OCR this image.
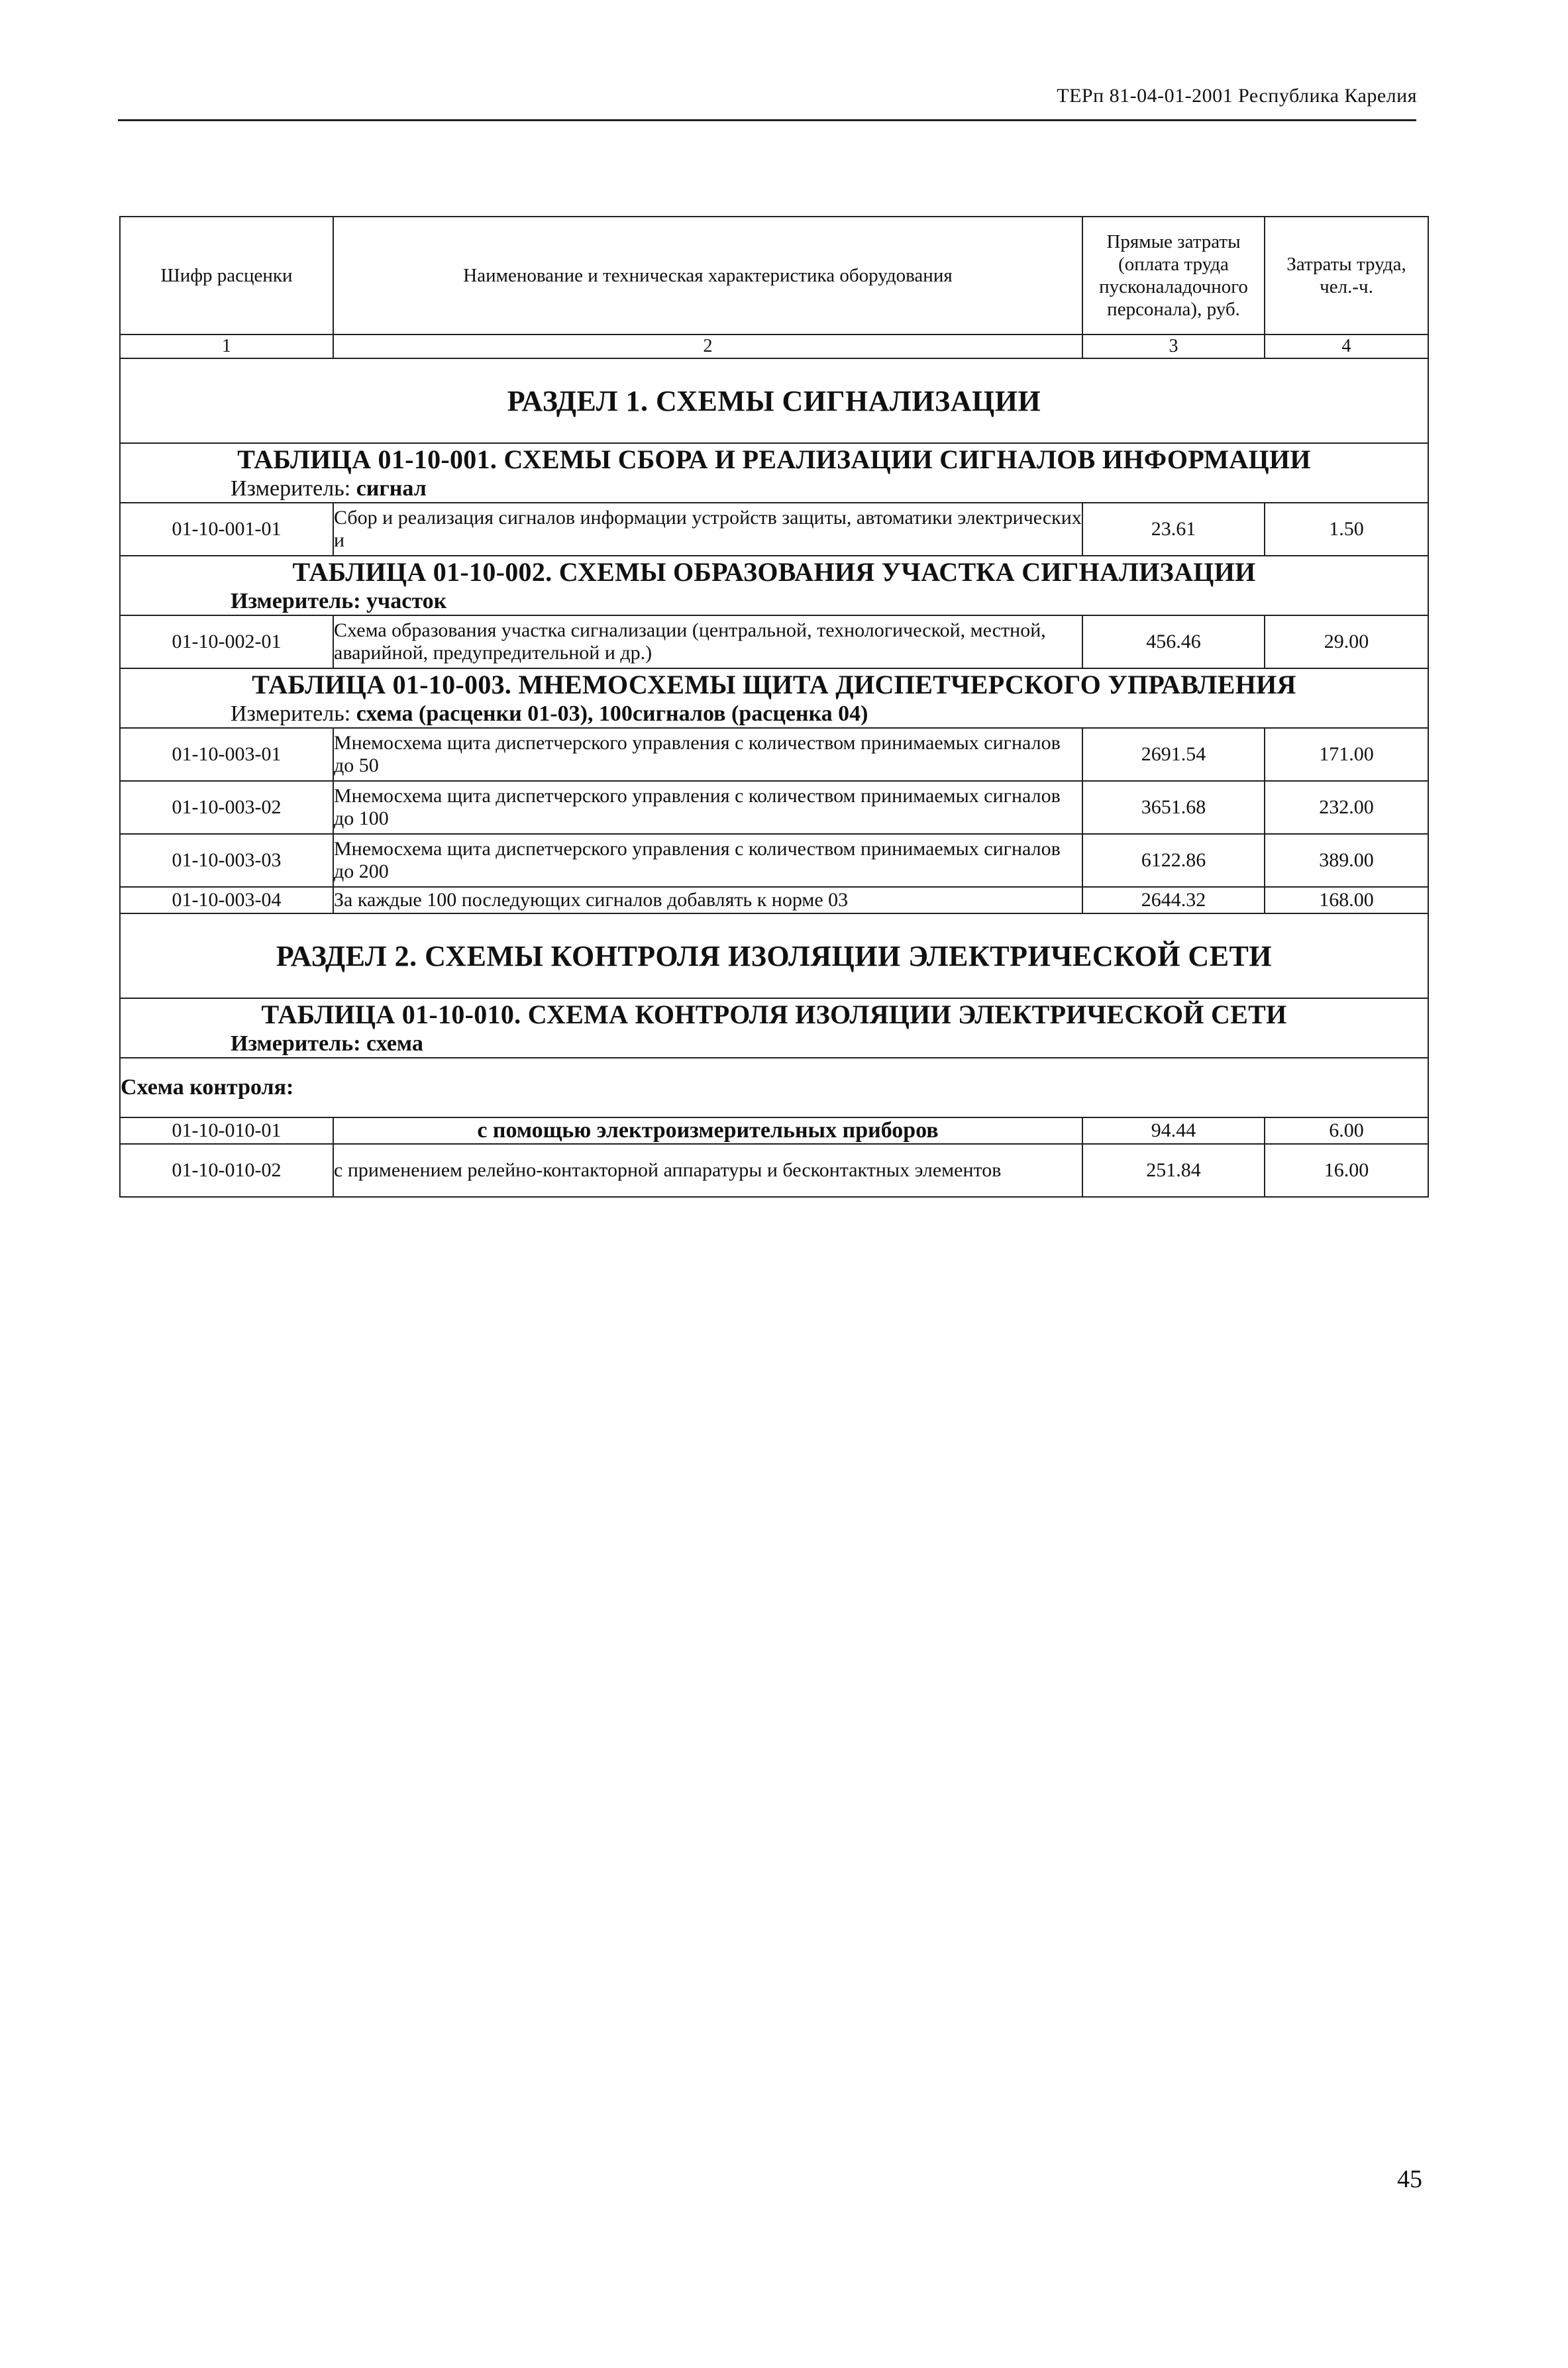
ТЕРп 81-04-01-2001 Республика Карелия
Шифр расценки	Наименование и техническая характеристика оборудования	Прямые затраты (оплата труда пусконаладочного персонала), руб.	Затраты труда, чел.-ч.
1	2	3	4
РАЗДЕЛ 1. СХЕМЫ СИГНАЛИЗАЦИИ			

ТАБЛИЦА 01-10-001. СХЕМЫ СБОРА И РЕАЛИЗАЦИИ СИГНАЛОВ ИНФОРМАЦИИ
Измеритель: сигнал			

01-10-001-01	Сбор и реализация сигналов информации устройств защиты, автоматики электрических и	23.61	1.50

ТАБЛИЦА 01-10-002. СХЕМЫ ОБРАЗОВАНИЯ УЧАСТКА СИГНАЛИЗАЦИИ
Измеритель: участок			

01-10-002-01	Схема образования участка сигнализации (центральной, технологической, местной, аварийной, предупредительной и др.)	456.46	29.00

ТАБЛИЦА 01-10-003. МНЕМОСХЕМЫ ЩИТА ДИСПЕТЧЕРСКОГО УПРАВЛЕНИЯ
Измеритель: схема (расценки 01-03), 100сигналов (расценка 04)			

01-10-003-01	Мнемосхема щита диспетчерского управления с количеством принимаемых сигналов до 50	2691.54	171.00
01-10-003-02	Мнемосхема щита диспетчерского управления с количеством принимаемых сигналов до 100	3651.68	232.00
01-10-003-03	Мнемосхема щита диспетчерского управления с количеством принимаемых сигналов до 200	6122.86	389.00
01-10-003-04	За каждые 100 последующих сигналов добавлять к норме 03	2644.32	168.00
РАЗДЕЛ 2. СХЕМЫ КОНТРОЛЯ ИЗОЛЯЦИИ ЭЛЕКТРИЧЕСКОЙ СЕТИ			

ТАБЛИЦА 01-10-010. СХЕМА КОНТРОЛЯ ИЗОЛЯЦИИ ЭЛЕКТРИЧЕСКОЙ СЕТИ
Измеритель: схема			

Схема контроля:			
01-10-010-01	с помощью электроизмерительных приборов	94.44	6.00
01-10-010-02	с применением релейно-контакторной аппаратуры и бесконтактных элементов	251.84	16.00
45
